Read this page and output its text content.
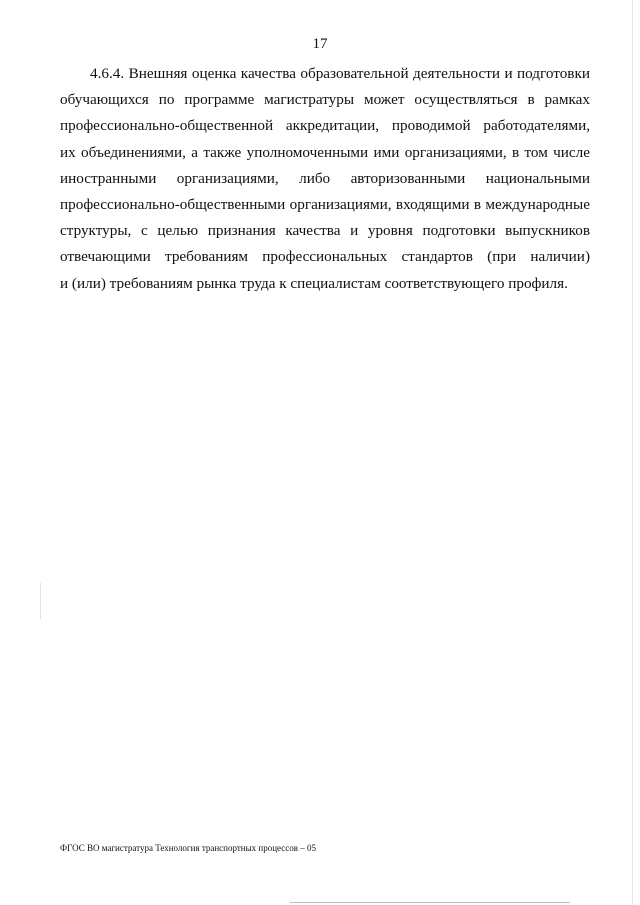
17
4.6.4. Внешняя оценка качества образовательной деятельности и подготовки
обучающихся по программе магистратуры может осуществляться в рамках
профессионально-общественной аккредитации, проводимой работодателями,
их объединениями, а также уполномоченными ими организациями, в том числе
иностранными организациями, либо авторизованными национальными
профессионально-общественными организациями, входящими в международные
структуры, с целью признания качества и уровня подготовки выпускников
отвечающими требованиям профессиональных стандартов (при наличии)
и (или) требованиям рынка труда к специалистам соответствующего профиля.
ФГОС ВО магистратура Технология транспортных процессов – 05
